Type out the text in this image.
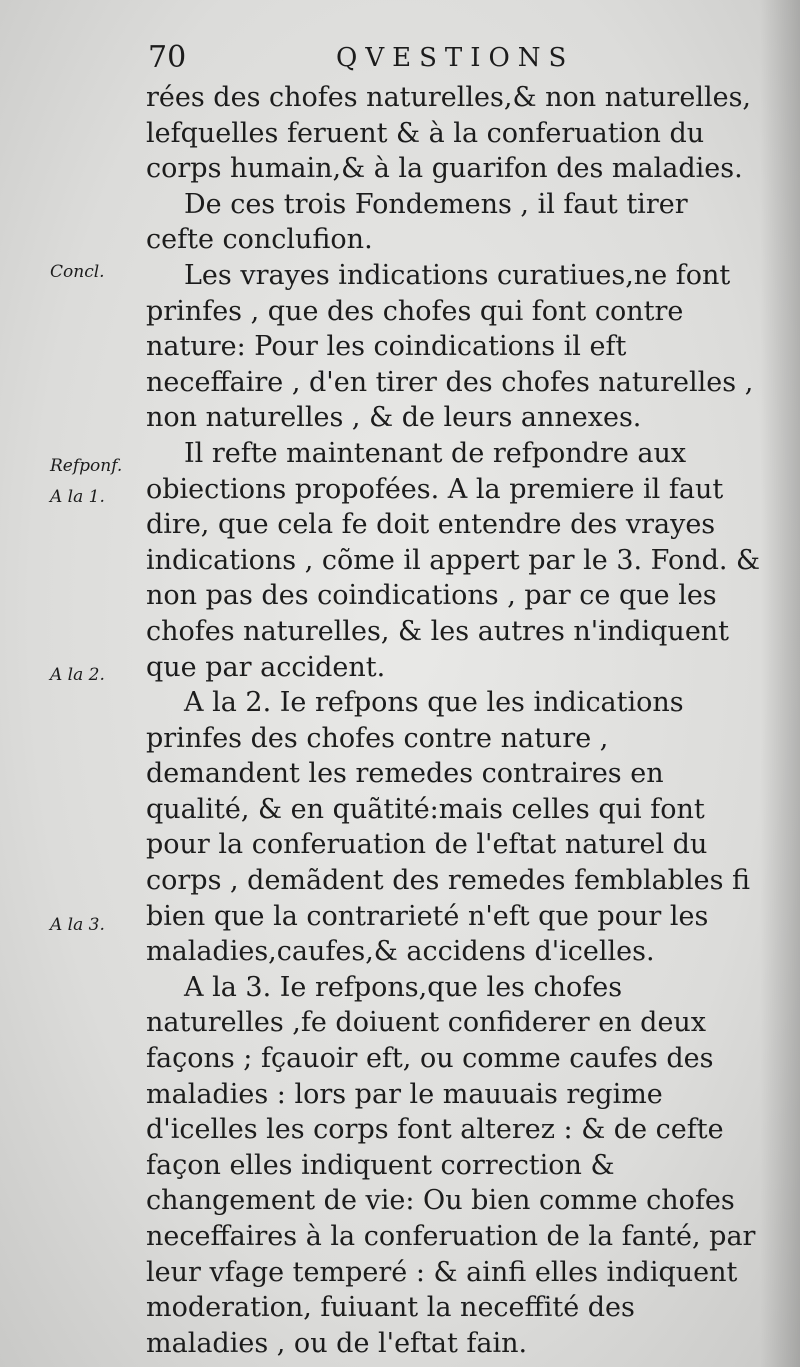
70	QVESTIONS
Concl.
Refponf.
A la 1.
A la 2.
A la 3.

rées des chofes naturelles,& non naturelles, lefquelles feruent & à la conferuation du corps humain,& à la guarifon des maladies.

De ces trois Fondemens , il faut tirer cefte conclufion.

Les vrayes indications curatiues,ne font prinfes , que des chofes qui font contre nature: Pour les coindications il eft neceffaire , d'en tirer des chofes naturelles , non naturelles , & de leurs annexes.

Il refte maintenant de refpondre aux obiections propofées. A la premiere il faut dire, que cela fe doit entendre des vrayes indications , cõme il appert par le 3. Fond. & non pas des coindications , par ce que les chofes naturelles, & les autres n'indiquent que par accident.

A la 2. Ie refpons que les indications prinfes des chofes contre nature , demandent les remedes contraires en qualité, & en quãtité:mais celles qui font pour la conferuation de l'eftat naturel du corps , demãdent des remedes femblables fi bien que la contrarieté n'eft que pour les maladies,caufes,& accidens d'icelles.

A la 3. Ie refpons,que les chofes naturelles ,fe doiuent confiderer en deux façons ; fçauoir eft, ou comme caufes des maladies : lors par le mauuais regime d'icelles les corps font alterez : & de cefte façon elles indiquent correction & changement de vie: Ou bien comme chofes neceffaires à la conferuation de la fanté, par leur vfage temperé : & ainfi elles indiquent moderation, fuiuant la neceffité des maladies , ou de l'eftat fain.
